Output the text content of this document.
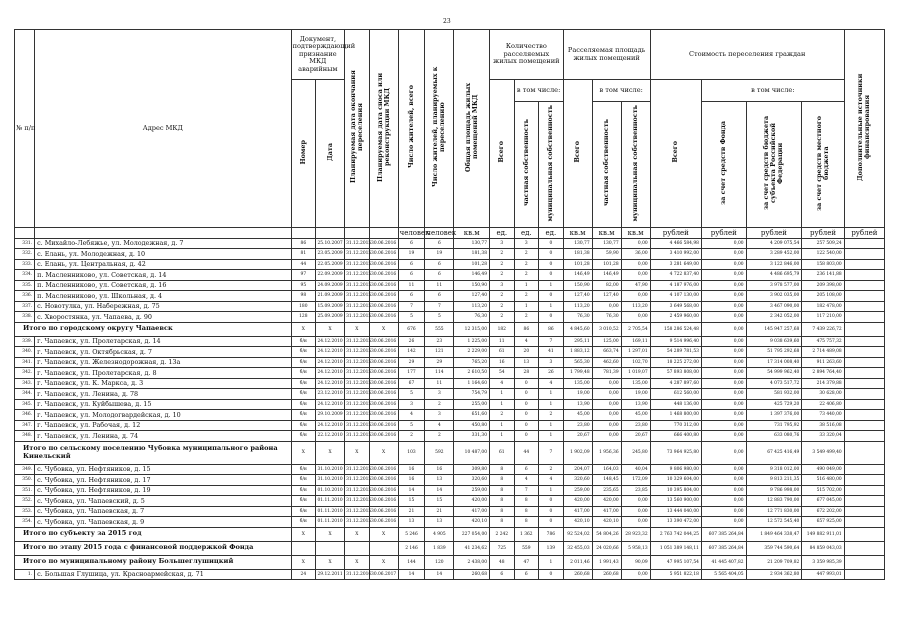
23
№ п/п	Адрес МКД	Документ, подтверждающий признание МКД аварийным		Планируемая дата окончания переселения	Планируемая дата сноса или реконструкции МКД	Число жителей, всего	Число жителей, планируемых к переселению	Общая площадь жилых помещений МКД	Количество расселяемых жилых помещений			Расселяемая площадь жилых помещений			Стоимость переселения граждан				Дополнительные источники финансирования
		Номер	Дата						Всего	в том числе:		Всего	в том числе:		Всего	в том числе:			
										частная собственность	муниципальная собственность		частная собственность	муниципальная собственность		за счет средств Фонда	за счет средств бюджета субъекта Российской Федерации	за счет средств местного бюджета	
						человек	человек	кв.м	ед.	ед.	ед.	кв.м	кв.м	кв.м	рублей	рублей	рублей	рублей	рублей
331.	с. Михайло-Лебяжье, ул. Молодежная, д. 7	86	25.10.2007	31.12.2015	30.06.2016	6	6	130,77	3	3	0	130,77	130,77	0,00	4 466 584,98	0,00	4 209 075,54	257 509,24	
332.	с. Елань, ул. Молодежная, д. 10	81	23.05.2009	31.12.2015	30.06.2016	19	19	181,38	2	2	0	181,38	59,90	36,00	3 410 992,00	0,00	3 289 452,00	122 540,00	
333.	с. Елань, ул. Центральная, д. 42	44	22.05.2009	31.12.2015	30.06.2016	6	6	101,28	2	2	0	101,28	101,28	0,00	3 281 649,00	0,00	3 122 846,00	158 803,00	
334.	п. Масленниково, ул. Советская, д. 14	97	22.09.2009	31.12.2015	30.06.2016	6	6	146,49	2	2	0	146,49	146,49	0,00	4 722 837,40	0,00	4 486 695,79	236 141,88	
335.	п. Масленниково, ул. Советская, д. 16	95	24.09.2009	31.12.2015	30.06.2016	11	11	150,90	3	1	1	150,90	82,00	47,90	4 187 976,00	0,00	3 978 577,00	209 398,00	
336.	п. Масленниково, ул. Школьная, д. 4	98	21.09.2009	31.12.2015	30.06.2016	6	6	127,40	2	2	0	127,40	127,40	0,00	4 107 130,00	0,00	3 902 035,00	205 108,00	
337.	с. Новотулка, ул. Набережная, д. 75	180	15.09.2009	31.12.2015	30.06.2016	7	7	113,20	2	1	1	113,20	0,00	113,20	3 649 568,00	0,00	3 467 090,00	182 478,00	
338.	с. Хворостянка, ул. Чапаева, д. 90	128	25.09.2009	31.12.2015	30.06.2016	5	5	76,30	2	2	0	76,30	76,30	0,00	2 459 960,00	0,00	2 342 052,00	117 210,00	
Итого по городскому округу Чапаевск		X	X	X	X	676	555	12 315,00	182	86	86	4 845,60	3 010,52	2 705,54	158 286 524,48	0,00	145 947 257,68	7 439 226,72	
339.	г. Чапаевск, ул. Пролетарская, д. 14	б/н	24.12.2010	31.12.2015	30.06.2016	26	23	1 225,00	11	4	7	295,11	125,00	169,11	9 514 996,40	0,00	9 038 639,60	475 757,32	
340.	г. Чапаевск, ул. Октябрьская, д. 7	б/н	24.12.2010	31.12.2015	30.06.2016	142	121	2 229,00	61	20	41	1 883,12	663,74	1 297,01	54 289 781,53	0,00	51 795 292,68	2 714 489,08	
341.	г. Чапаевск, ул. Железнодорожная, д. 13а	б/н	24.12.2010	31.12.2015	30.06.2016	29	29	765,20	16	13	3	565,30	462,60	102,70	18 225 272,00	0,00	17 314 008,40	911 263,60	
342.	г. Чапаевск, ул. Пролетарская, д. 8	б/н	24.12.2010	31.12.2015	30.06.2016	177	114	2 610,50	54	28	26	1 799,48	781,39	1 019,07	57 893 808,00	0,00	54 999 962,40	2 894 764,40	
343.	г. Чапаевск, ул. К. Маркса, д. 3	б/н	24.12.2010	31.12.2015	30.06.2016	67	11	1 164,60	4	0	4	135,00	0,00	135,00	4 287 897,60	0,00	4 073 517,72	214 379,88	
344.	г. Чапаевск, ул. Ленина, д. 78	б/н	23.12.2010	31.12.2015	30.06.2016	5	3	754,79	1	0	1	19,00	0,00	19,00	612 560,00	0,00	581 932,00	30 628,00	
345.	г. Чапаевск, ул. Куйбышева, д. 15	б/н	24.12.2010	31.12.2015	30.06.2016	3	2	255,00	1	0	1	13,90	0,00	13,90	448 136,00	0,00	425 729,20	22 406,80	
346.	г. Чапаевск, ул. Молодогвардейская, д. 10	б/н	29.10.2009	31.12.2015	30.06.2016	4	3	651,60	2	0	2	45,00	0,00	45,00	1 468 800,00	0,00	1 397 376,00	73 440,00	
347.	г. Чапаевск, ул. Рабочая, д. 12	б/н	24.12.2010	31.12.2015	30.06.2016	5	4	450,80	1	0	1	23,80	0,00	23,80	770 312,00	0,00	731 795,92	38 516,08	
348.	г. Чапаевск, ул. Ленина, д. 74	б/н	22.12.2010	31.12.2015	30.06.2016	2	2	331,30	1	0	1	20,67	0,00	20,67	666 400,80	0,00	633 080,76	33 320,04	
Итого по сельскому поселению Чубовка муниципального района Кинельский		X	X	X	X	103	592	10 487,00	61	44	7	1 902,09	1 956,36	245,80	73 964 925,80	0,00	67 425 416,49	3 549 499,40	
349.	с. Чубовка, ул. Нефтяников, д. 15	б/н	31.10.2010	31.12.2015	30.06.2016	16	16	309,80	8	6	2	204,07	164,03	40,04	9 806 980,00	0,00	9 318 012,00	490 049,00	
350.	с. Чубовка, ул. Нефтяников, д. 17	б/н	31.10.2010	31.12.2015	30.06.2016	16	13	320,60	8	4	4	320,60	148,45	172,09	10 329 604,00	0,00	9 813 211,35	516 480,00	
351.	с. Чубовка, ул. Нефтяников, д. 19	б/н	01.10.2010	31.12.2015	30.06.2016	14	14	259,00	8	7	1	259,00	235,65	23,85	10 395 804,00	0,00	9 786 998,00	515 702,00	
352.	с. Чубовка, ул. Чапаевский, д. 5	б/н	01.11.2010	31.12.2015	30.06.2016	15	15	420,00	8	8	0	420,00	420,00	0,00	13 560 900,00	0,00	12 883 790,00	677 045,00	
353.	с. Чубовка, ул. Чапаевская, д. 7	б/н	01.11.2010	31.12.2015	30.06.2016	21	21	417,00	8	8	0	417,00	417,00	0,00	13 444 040,00	0,00	12 771 830,00	672 202,00	
354.	с. Чубовка, ул. Чапаевская, д. 9	б/н	01.11.2010	31.12.2015	30.06.2016	13	13	420,10	8	8	0	420,10	420,10	0,00	13 390 472,00	0,00	12 572 545,40	657 925,00	
Итого по субъекту за 2015 год		X	X	X	X	5 246	4 905	227 054,00	2 242	1 362	786	92 524,02	54 804,26	28 923,32	2 763 742 044,25	607 385 264,84	1 849 464 338,47	149 882 911,01	
Итого по этапу 2015 года с финансовой поддержкой Фонда						2 146	1 839	41 234,62	725	559	139	32 455,03	24 020,66	5 958,13	1 051 389 148,11	607 385 264,84	359 744 590,64	84 859 043,03	
Итого по муниципальному району Большеглушицкий		X	X	X	X	144	120	2 438,00	48	47	1	2 011,46	1 991,43	90,09	47 995 107,54	41 445 407,82	21 209 709,82	3 359 985,39	
1.	с. Большая Глушица, ул. Красноармейская, д. 71	24	29.12.2011	31.12.2016	30.06.2017	14	14	260,68	6	6	0	260,68	260,68	0,00	5 951 822,18	5 565 404,05	2 934 362,80	447 993,01	
